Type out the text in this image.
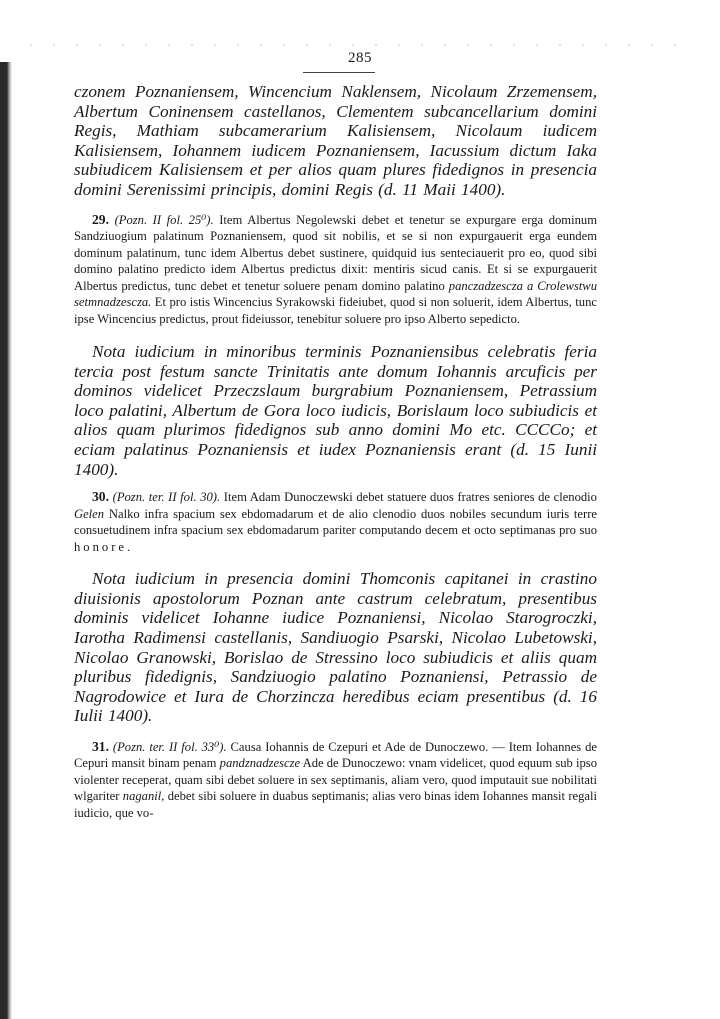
285

czonem Poznaniensem, Wincencium Naklensem, Nicolaum Zrzemensem, Albertum Coninensem castellanos, Clementem subcancellarium domini Regis, Mathiam subcamerarium Kalisiensem, Nicolaum iudicem Kalisiensem, Iohannem iudicem Poznaniensem, Iacussium dictum Iaka subiudicem Kalisiensem et per alios quam plures fidedignos in presencia domini Serenissimi principis, domini Regis (d. 11 Maii 1400).

29. (Pozn. II fol. 25⁰). Item Albertus Negolewski debet et tenetur se expurgare erga dominum Sandziuogium palatinum Poznaniensem, quod sit nobilis, et se si non expurgauerit erga eundem dominum palatinum, tunc idem Albertus debet sustinere, quidquid ius senteciauerit pro eo, quod sibi domino palatino predicto idem Albertus predictus dixit: mentiris sicud canis. Et si se expurgauerit Albertus predictus, tunc debet et tenetur soluere penam domino palatino panczadzescza a Crolewstwu setmnadzescza. Et pro istis Wincencius Syrakowski fideiubet, quod si non soluerit, idem Albertus, tunc ipse Wincencius predictus, prout fideiussor, tenebitur soluere pro ipso Alberto sepedicto.

Nota iudicium in minoribus terminis Poznaniensibus celebratis feria tercia post festum sancte Trinitatis ante domum Iohannis arcuficis per dominos videlicet Przeczslaum burgrabium Poznaniensem, Petrassium loco palatini, Albertum de Gora loco iudicis, Borislaum loco subiudicis et alios quam plurimos fidedignos sub anno domini Mo etc. CCCCo; et eciam palatinus Poznaniensis et iudex Poznaniensis erant (d. 15 Iunii 1400).

30. (Pozn. ter. II fol. 30). Item Adam Dunoczewski debet statuere duos fratres seniores de clenodio Gelen Nalko infra spacium sex ebdomadarum et de alio clenodio duos nobiles secundum iuris terre consuetudinem infra spacium sex ebdomadarum pariter computando decem et octo septimanas pro suo honore.

Nota iudicium in presencia domini Thomconis capitanei in crastino diuisionis apostolorum Poznan ante castrum celebratum, presentibus dominis videlicet Iohanne iudice Poznaniensi, Nicolao Starogroczki, Iarotha Radimensi castellanis, Sandiuogio Psarski, Nicolao Lubetowski, Nicolao Granowski, Borislao de Stressino loco subiudicis et aliis quam pluribus fidedignis, Sandziuogio palatino Poznaniensi, Petrassio de Nagrodowice et Iura de Chorzincza heredibus eciam presentibus (d. 16 Iulii 1400).

31. (Pozn. ter. II fol. 33⁰). Causa Iohannis de Czepuri et Ade de Dunoczewo. — Item Iohannes de Cepuri mansit binam penam pandznadzescze Ade de Dunoczewo: vnam videlicet, quod equum sub ipso violenter receperat, quam sibi debet soluere in sex septimanis, aliam vero, quod imputauit sue nobilitati wlgariter naganil, debet sibi soluere in duabus septimanis; alias vero binas idem Iohannes mansit regali iudicio, que vo-
